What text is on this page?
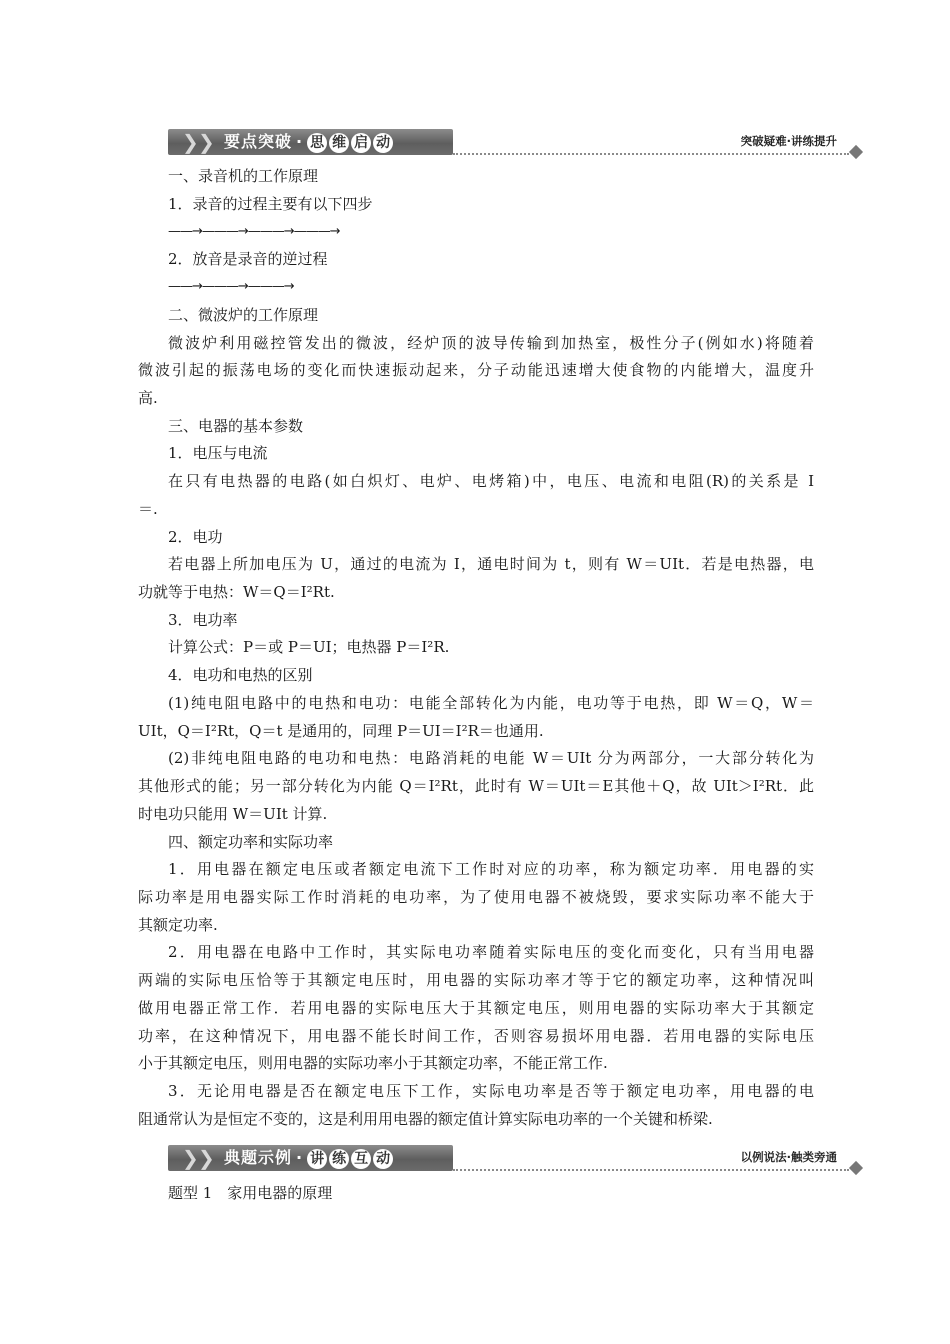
❯ ❯ 要点突破 · 思 维 启 动	突破疑难·讲练提升
一、录音机的工作原理
1．录音的过程主要有以下四步
——→———→———→———→
2．放音是录音的逆过程
——→———→———→
二、微波炉的工作原理
微波炉利用磁控管发出的微波，经炉顶的波导传输到加热室，极性分子(例如水)将随着
微波引起的振荡电场的变化而快速振动起来，分子动能迅速增大使食物的内能增大，温度升
高.
三、电器的基本参数
1．电压与电流
在只有电热器的电路(如白炽灯、电炉、电烤箱)中，电压、电流和电阻(R)的关系是 I
＝.
2．电功
若电器上所加电压为 U，通过的电流为 I，通电时间为 t，则有 W＝UIt．若是电热器，电
功就等于电热：W＝Q＝I²Rt.
3．电功率
计算公式：P＝或 P＝UI；电热器 P＝I²R.
4．电功和电热的区别
(1)纯电阻电路中的电热和电功：电能全部转化为内能，电功等于电热，即 W＝Q，W＝
UIt，Q＝I²Rt，Q＝t 是通用的，同理 P＝UI＝I²R＝也通用.
(2)非纯电阻电路的电功和电热：电路消耗的电能 W＝UIt 分为两部分，一大部分转化为
其他形式的能；另一部分转化为内能 Q＝I²Rt，此时有 W＝UIt＝E其他＋Q，故 UIt＞I²Rt．此
时电功只能用 W＝UIt 计算.
四、额定功率和实际功率
1．用电器在额定电压或者额定电流下工作时对应的功率，称为额定功率．用电器的实
际功率是用电器实际工作时消耗的电功率，为了使用电器不被烧毁，要求实际功率不能大于
其额定功率.
2．用电器在电路中工作时，其实际电功率随着实际电压的变化而变化，只有当用电器
两端的实际电压恰等于其额定电压时，用电器的实际功率才等于它的额定功率，这种情况叫
做用电器正常工作．若用电器的实际电压大于其额定电压，则用电器的实际功率大于其额定
功率，在这种情况下，用电器不能长时间工作，否则容易损坏用电器．若用电器的实际电压
小于其额定电压，则用电器的实际功率小于其额定功率，不能正常工作.
3．无论用电器是否在额定电压下工作，实际电功率是否等于额定电功率，用电器的电
阻通常认为是恒定不变的，这是利用用电器的额定值计算实际电功率的一个关键和桥梁.
❯ ❯ 典题示例 · 讲 练 互 动	以例说法·触类旁通
题型 1　家用电器的原理
